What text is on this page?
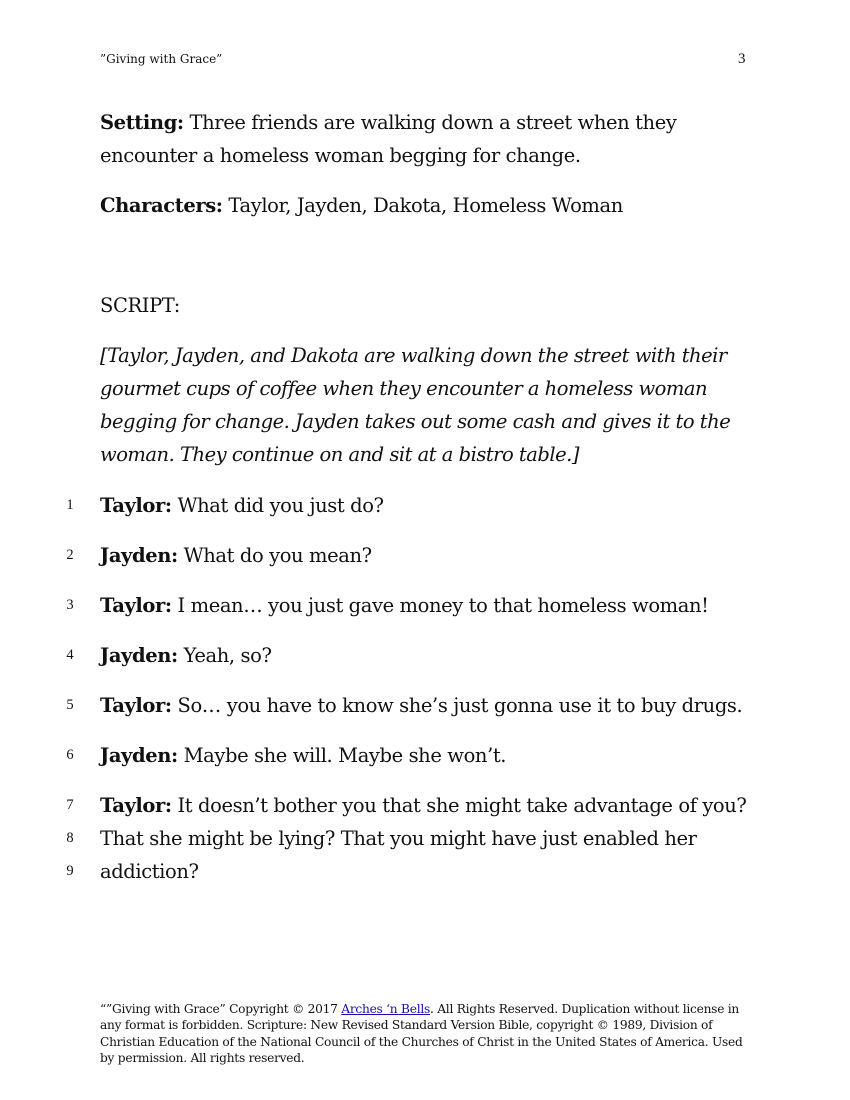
”Giving with Grace”	3
Setting: Three friends are walking down a street when they encounter a homeless woman begging for change.
Characters: Taylor, Jayden, Dakota, Homeless Woman
SCRIPT:
[Taylor, Jayden, and Dakota are walking down the street with their gourmet cups of coffee when they encounter a homeless woman begging for change. Jayden takes out some cash and gives it to the woman. They continue on and sit at a bistro table.]
1	Taylor: What did you just do?
2	Jayden: What do you mean?
3	Taylor: I mean… you just gave money to that homeless woman!
4	Jayden: Yeah, so?
5	Taylor: So… you have to know she’s just gonna use it to buy drugs.
6	Jayden: Maybe she will. Maybe she won’t.
7	Taylor: It doesn’t bother you that she might take advantage of you?
8	That she might be lying? That you might have just enabled her
9	addiction?
“”Giving with Grace” Copyright © 2017 Arches ‘n Bells. All Rights Reserved. Duplication without license in any format is forbidden. Scripture: New Revised Standard Version Bible, copyright © 1989, Division of Christian Education of the National Council of the Churches of Christ in the United States of America. Used by permission. All rights reserved.
